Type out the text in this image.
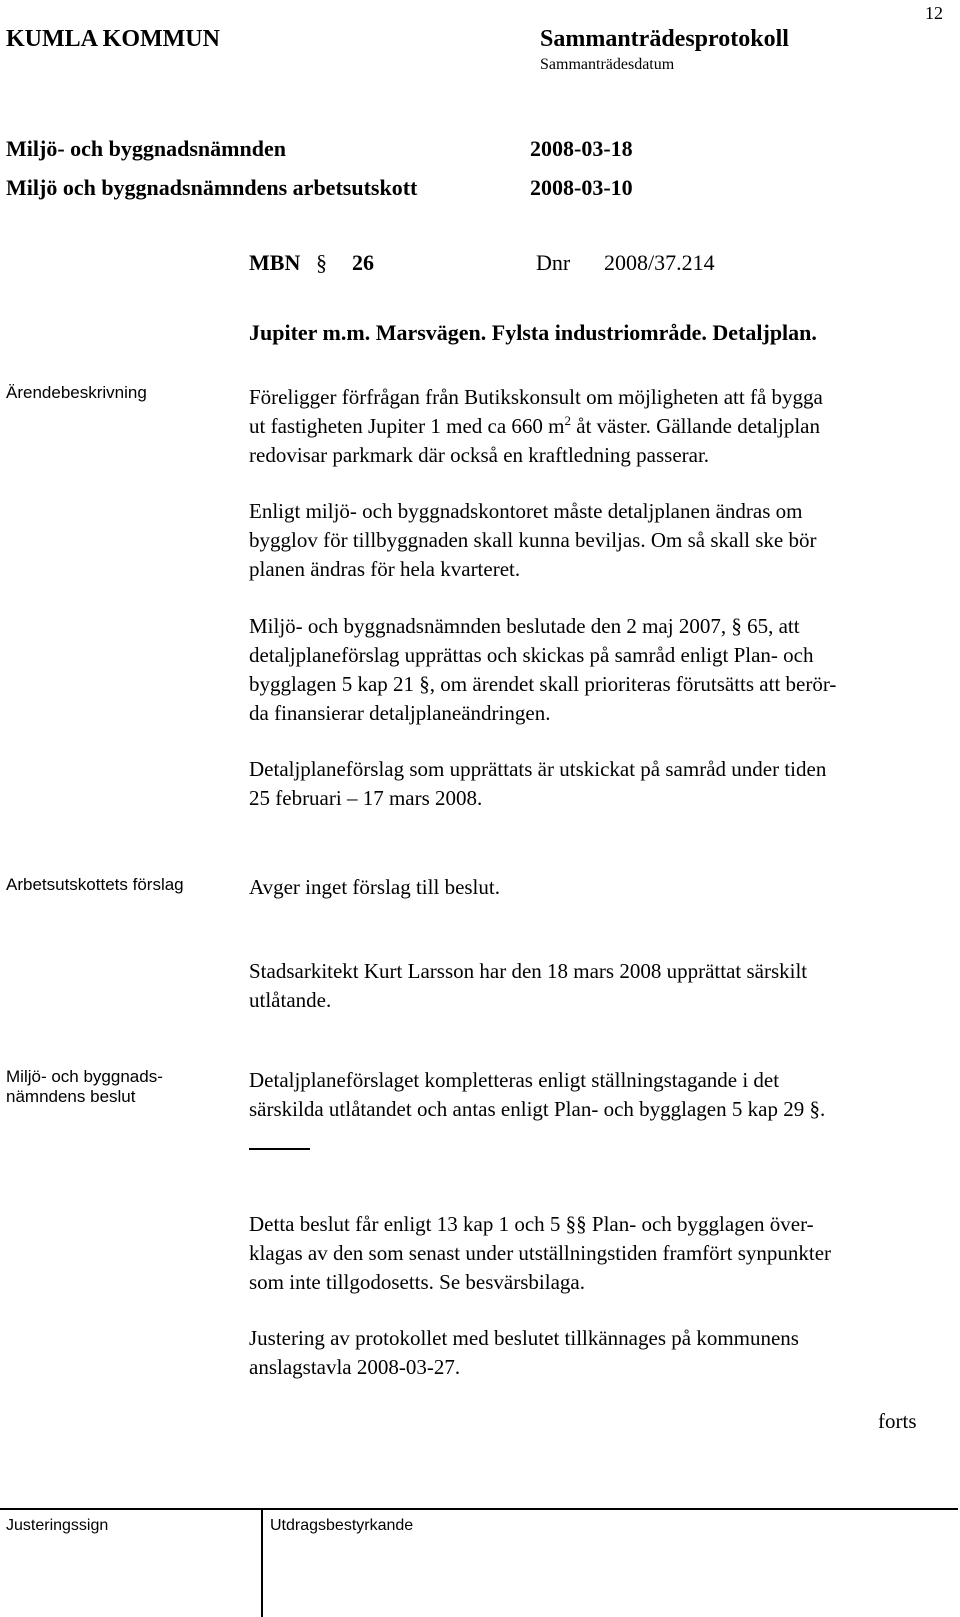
12
KUMLA KOMMUN	Sammanträdesprotokoll
Sammanträdesdatum
Miljö- och byggnadsnämnden	2008-03-18
Miljö och byggnadsnämndens arbetsutskott	2008-03-10
MBN § 26	Dnr 2008/37.214
Jupiter m.m. Marsvägen. Fylsta industriområde. Detaljplan.
Ärendebeskrivning	Föreligger förfrågan från Butikskonsult om möjligheten att få bygga
ut fastigheten Jupiter 1 med ca 660 $m^2$ åt väster. Gällande detaljplan
redovisar parkmark där också en kraftledning passerar.
Enligt miljö- och byggnadskontoret måste detaljplanen ändras om
bygglov för tillbyggnaden skall kunna beviljas. Om så skall ske bör
planen ändras för hela kvarteret.
Miljö- och byggnadsnämnden beslutade den 2 maj 2007, § 65, att
detaljplaneförslag upprättas och skickas på samråd enligt Plan- och
bygglagen 5 kap 21 §, om ärendet skall prioriteras förutsätts att berör-
da finansierar detaljplaneändringen.
Detaljplaneförslag som upprättats är utskickat på samråd under tiden
25 februari – 17 mars 2008.
Arbetsutskottets förslag	Avger inget förslag till beslut.
Stadsarkitekt Kurt Larsson har den 18 mars 2008 upprättat särskilt
utlåtande.
Miljö- och byggnads-
nämndens beslut
Detaljplaneförslaget kompletteras enligt ställningstagande i det
särskilda utlåtandet och antas enligt Plan- och bygglagen 5 kap 29 §.
Detta beslut får enligt 13 kap 1 och 5 §§ Plan- och bygglagen över-
klagas av den som senast under utställningstiden framfört synpunkter
som inte tillgodosetts. Se besvärsbilaga.
Justering av protokollet med beslutet tillkännages på kommunens
anslagstavla 2008-03-27.
forts
Justeringssign	Utdragsbestyrkande
